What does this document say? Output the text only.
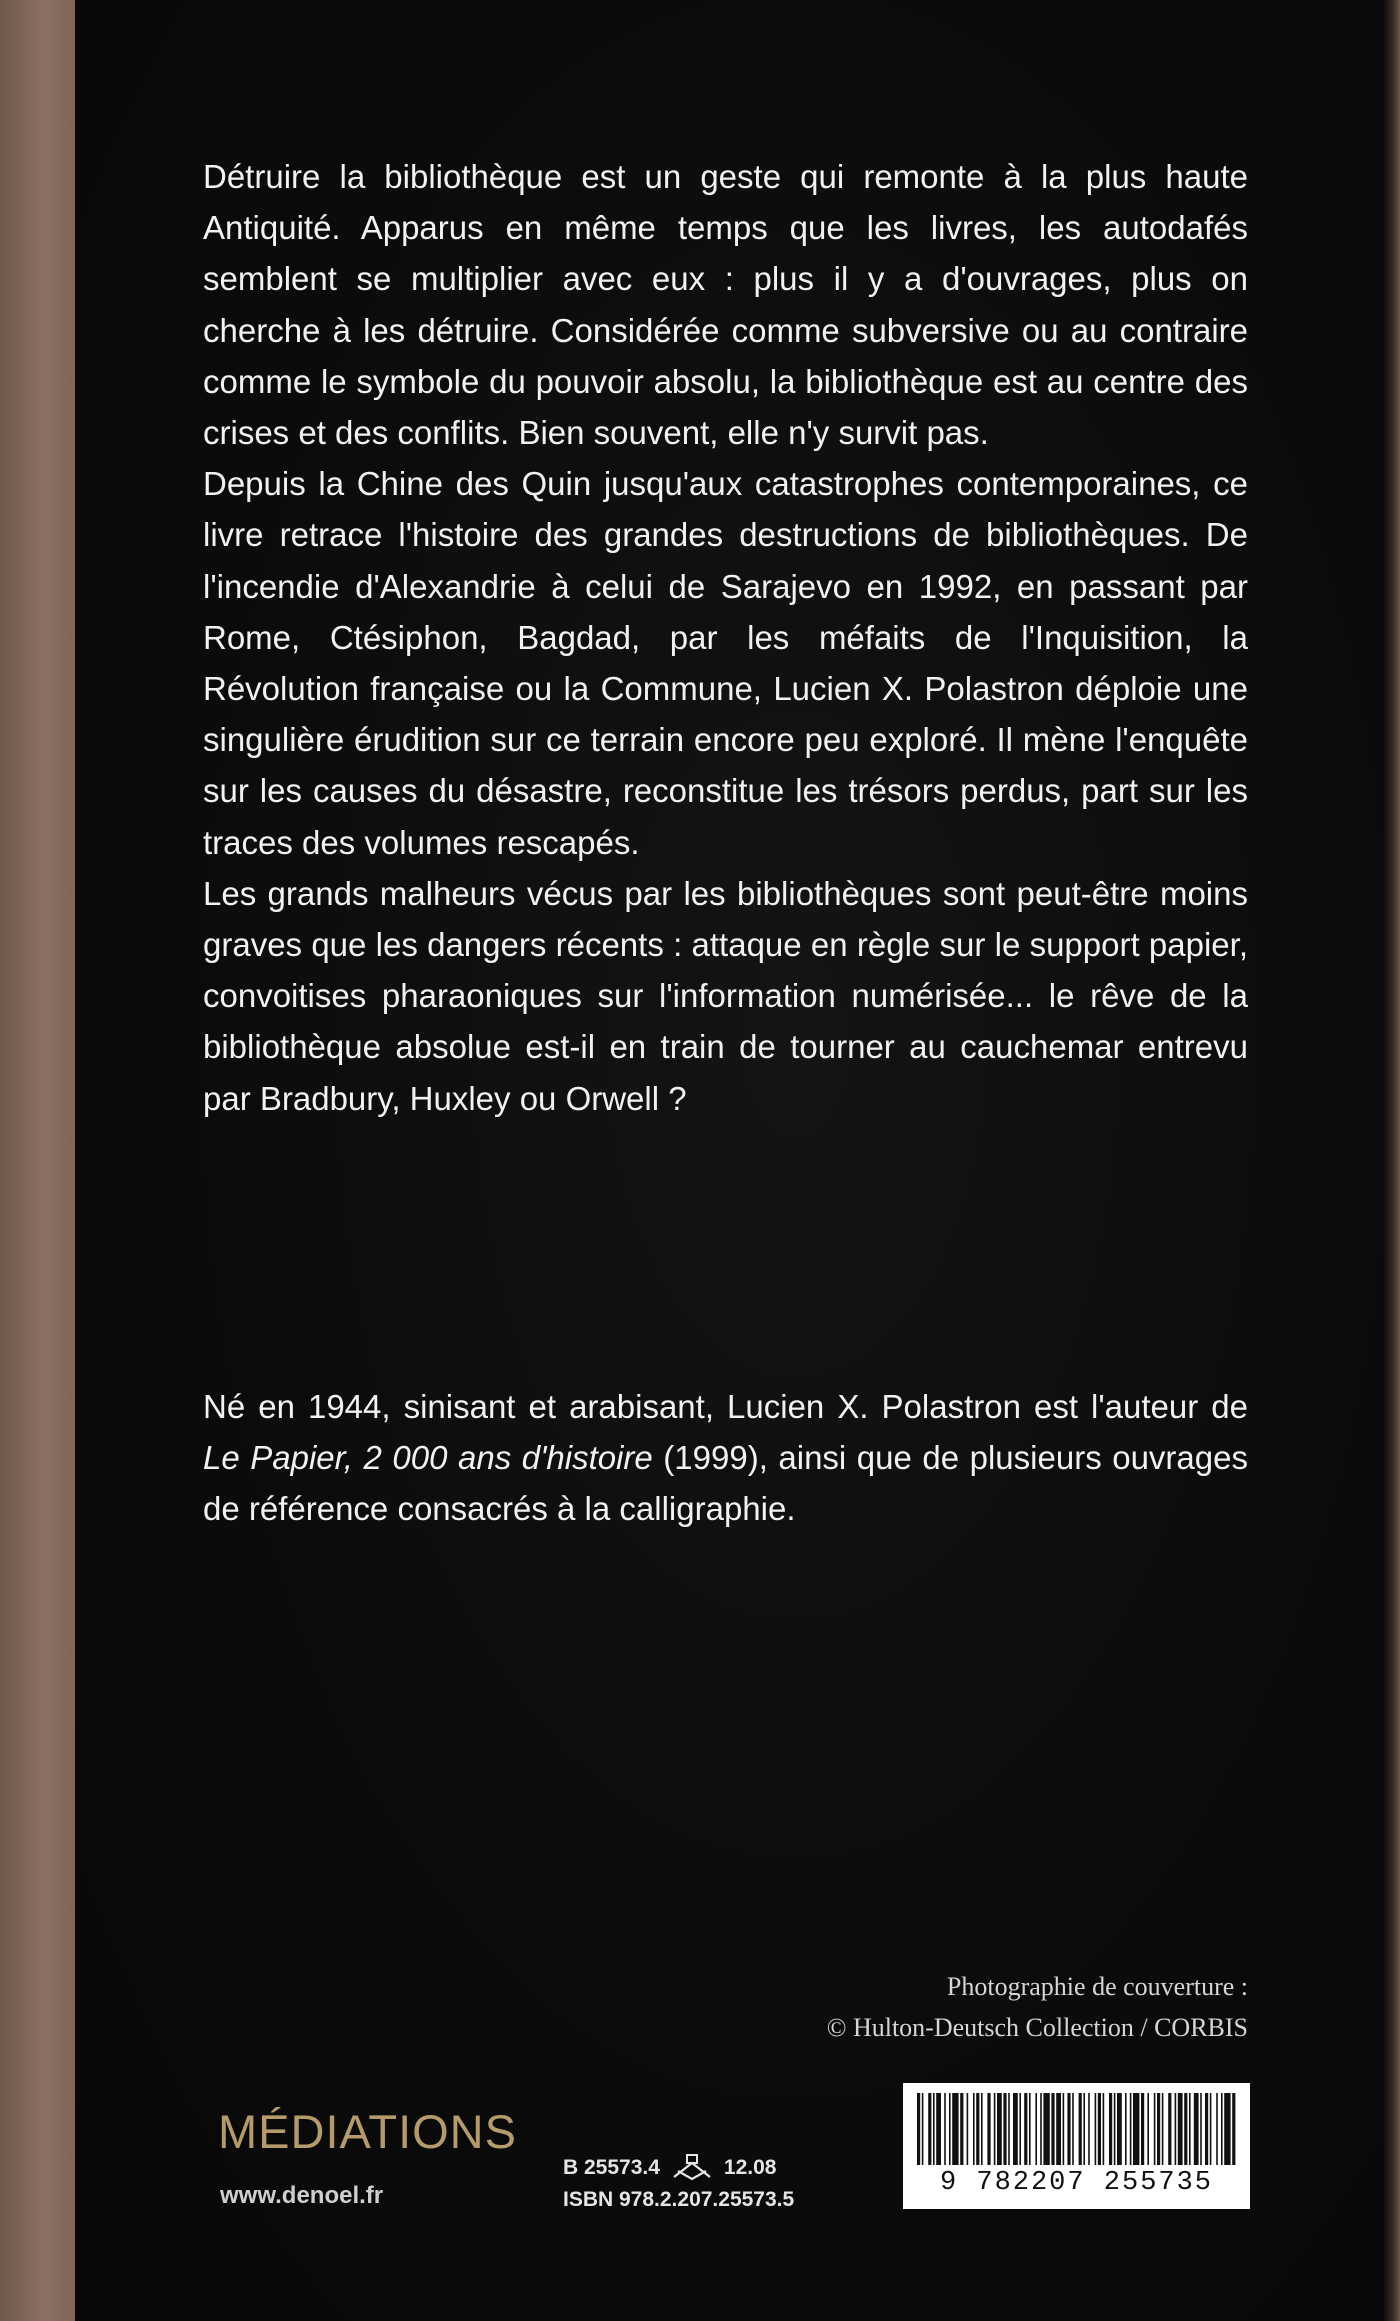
Détruire la bibliothèque est un geste qui remonte à la plus haute Antiquité. Apparus en même temps que les livres, les autodafés semblent se multiplier avec eux : plus il y a d'ouvrages, plus on cherche à les détruire. Considérée comme subversive ou au contraire comme le symbole du pouvoir absolu, la bibliothèque est au centre des crises et des conflits. Bien souvent, elle n'y survit pas.

Depuis la Chine des Quin jusqu'aux catastrophes contemporaines, ce livre retrace l'histoire des grandes destructions de bibliothèques. De l'incendie d'Alexandrie à celui de Sarajevo en 1992, en passant par Rome, Ctésiphon, Bagdad, par les méfaits de l'Inquisition, la Révolution française ou la Commune, Lucien X. Polastron déploie une singulière érudition sur ce terrain encore peu exploré. Il mène l'enquête sur les causes du désastre, reconstitue les trésors perdus, part sur les traces des volumes rescapés.

Les grands malheurs vécus par les bibliothèques sont peut-être moins graves que les dangers récents : attaque en règle sur le support papier, convoitises pharaoniques sur l'information numérisée... le rêve de la bibliothèque absolue est-il en train de tourner au cauchemar entrevu par Bradbury, Huxley ou Orwell ?

Né en 1944, sinisant et arabisant, Lucien X. Polastron est l'auteur de Le Papier, 2 000 ans d'histoire (1999), ainsi que de plusieurs ouvrages de référence consacrés à la calligraphie.

Photographie de couverture :
© Hulton-Deutsch Collection / CORBIS
MÉDIATIONS
www.denoel.fr
B 25573.4	12.08
ISBN 978.2.207.25573.5
9 782207 255735
